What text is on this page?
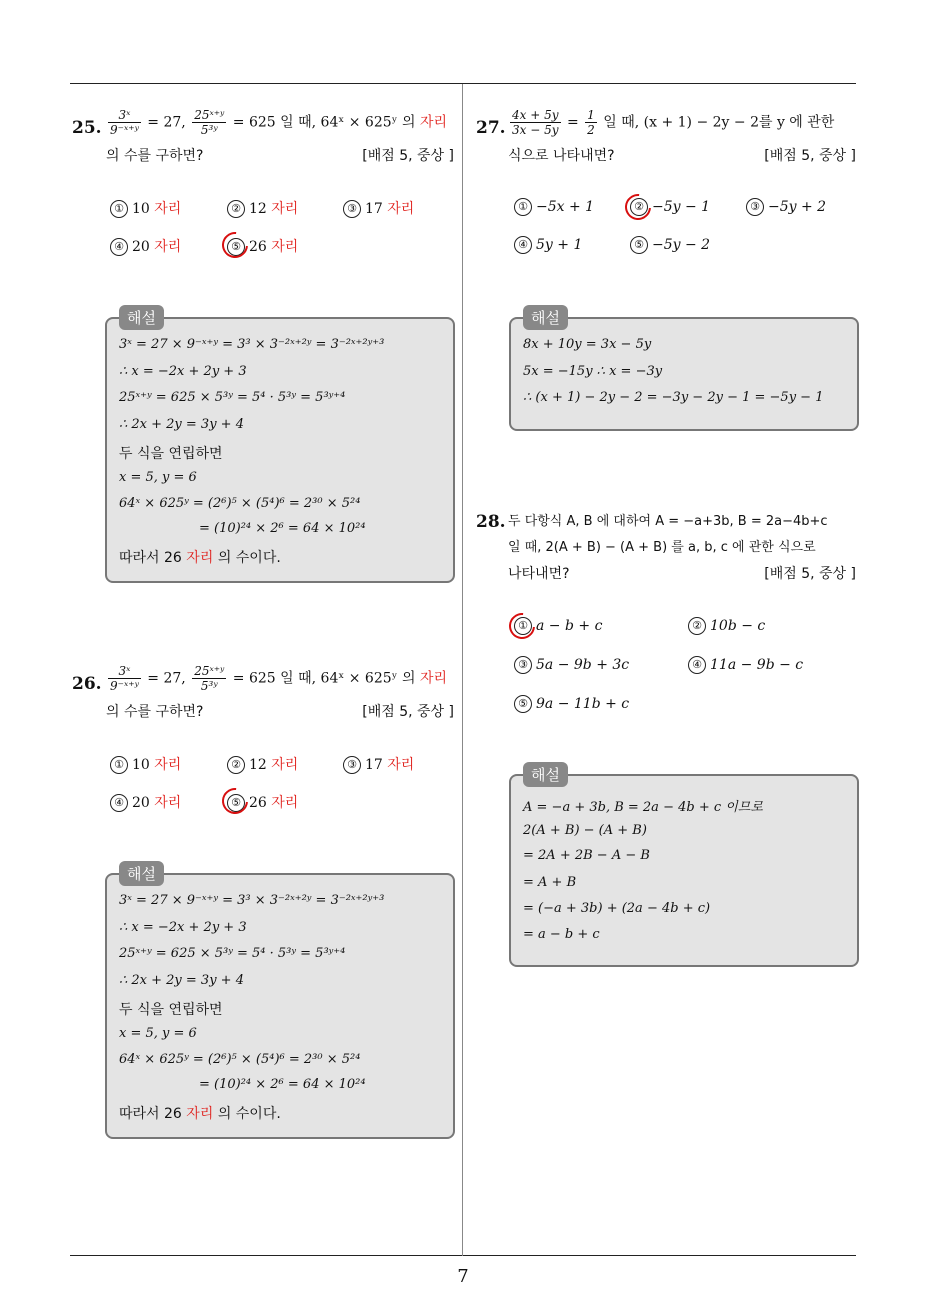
25. $\frac{\text{3ˣ}}{\text{9⁻ˣ⁺ʸ}} = 27$, $\frac{\text{25ˣ⁺ʸ}}{\text{5³ʸ}} = 625$ 일 때, 64ˣ × 625ʸ 의 자리
의 수를 구하면?	[배점 5, 중상 ]
① 10 자리	② 12 자리	③ 17 자리
④ 20 자리	⑤ 26 자리
해설
3ˣ = 27 × 9⁻ˣ⁺ʸ = 3³ × 3⁻²ˣ⁺²ʸ = 3⁻²ˣ⁺²ʸ⁺³
∴ x = −2x + 2y + 3
25ˣ⁺ʸ = 625 × 5³ʸ = 5⁴ · 5³ʸ = 5³ʸ⁺⁴
∴ 2x + 2y = 3y + 4
두 식을 연립하면
x = 5, y = 6
64ˣ × 625ʸ = (2⁶)⁵ × (5⁴)⁶ = 2³⁰ × 5²⁴
= (10)²⁴ × 2⁶ = 64 × 10²⁴
따라서 26 자리 의 수이다.
26. $\frac{\text{3ˣ}}{\text{9⁻ˣ⁺ʸ}} = 27$, $\frac{\text{25ˣ⁺ʸ}}{\text{5³ʸ}} = 625$ 일 때, 64ˣ × 625ʸ 의 자리
의 수를 구하면?	[배점 5, 중상 ]
① 10 자리	② 12 자리	③ 17 자리
④ 20 자리	⑤ 26 자리
해설
3ˣ = 27 × 9⁻ˣ⁺ʸ = 3³ × 3⁻²ˣ⁺²ʸ = 3⁻²ˣ⁺²ʸ⁺³
∴ x = −2x + 2y + 3
25ˣ⁺ʸ = 625 × 5³ʸ = 5⁴ · 5³ʸ = 5³ʸ⁺⁴
∴ 2x + 2y = 3y + 4
두 식을 연립하면
x = 5, y = 6
64ˣ × 625ʸ = (2⁶)⁵ × (5⁴)⁶ = 2³⁰ × 5²⁴
= (10)²⁴ × 2⁶ = 64 × 10²⁴
따라서 26 자리 의 수이다.
27. $\frac{4x + 5y}{3x - 5y} = \frac{1}{2}$ 일 때, (x + 1) − 2y − 2를 y 에 관한
식으로 나타내면?	[배점 5, 중상 ]
① −5x + 1	② −5y − 1	③ −5y + 2
④ 5y + 1	⑤ −5y − 2
해설
8x + 10y = 3x − 5y
5x = −15y ∴ x = −3y
∴ (x + 1) − 2y − 2 = −3y − 2y − 1 = −5y − 1
28. 두 다항식 A, B 에 대하여 A = −a+3b, B = 2a−4b+c
일 때, 2(A + B) − (A + B) 를 a, b, c 에 관한 식으로
나타내면?	[배점 5, 중상 ]
① a − b + c	② 10b − c
③ 5a − 9b + 3c	④ 11a − 9b − c
⑤ 9a − 11b + c
해설
A = −a + 3b, B = 2a − 4b + c 이므로
2(A + B) − (A + B)
= 2A + 2B − A − B
= A + B
= (−a + 3b) + (2a − 4b + c)
= a − b + c
7
